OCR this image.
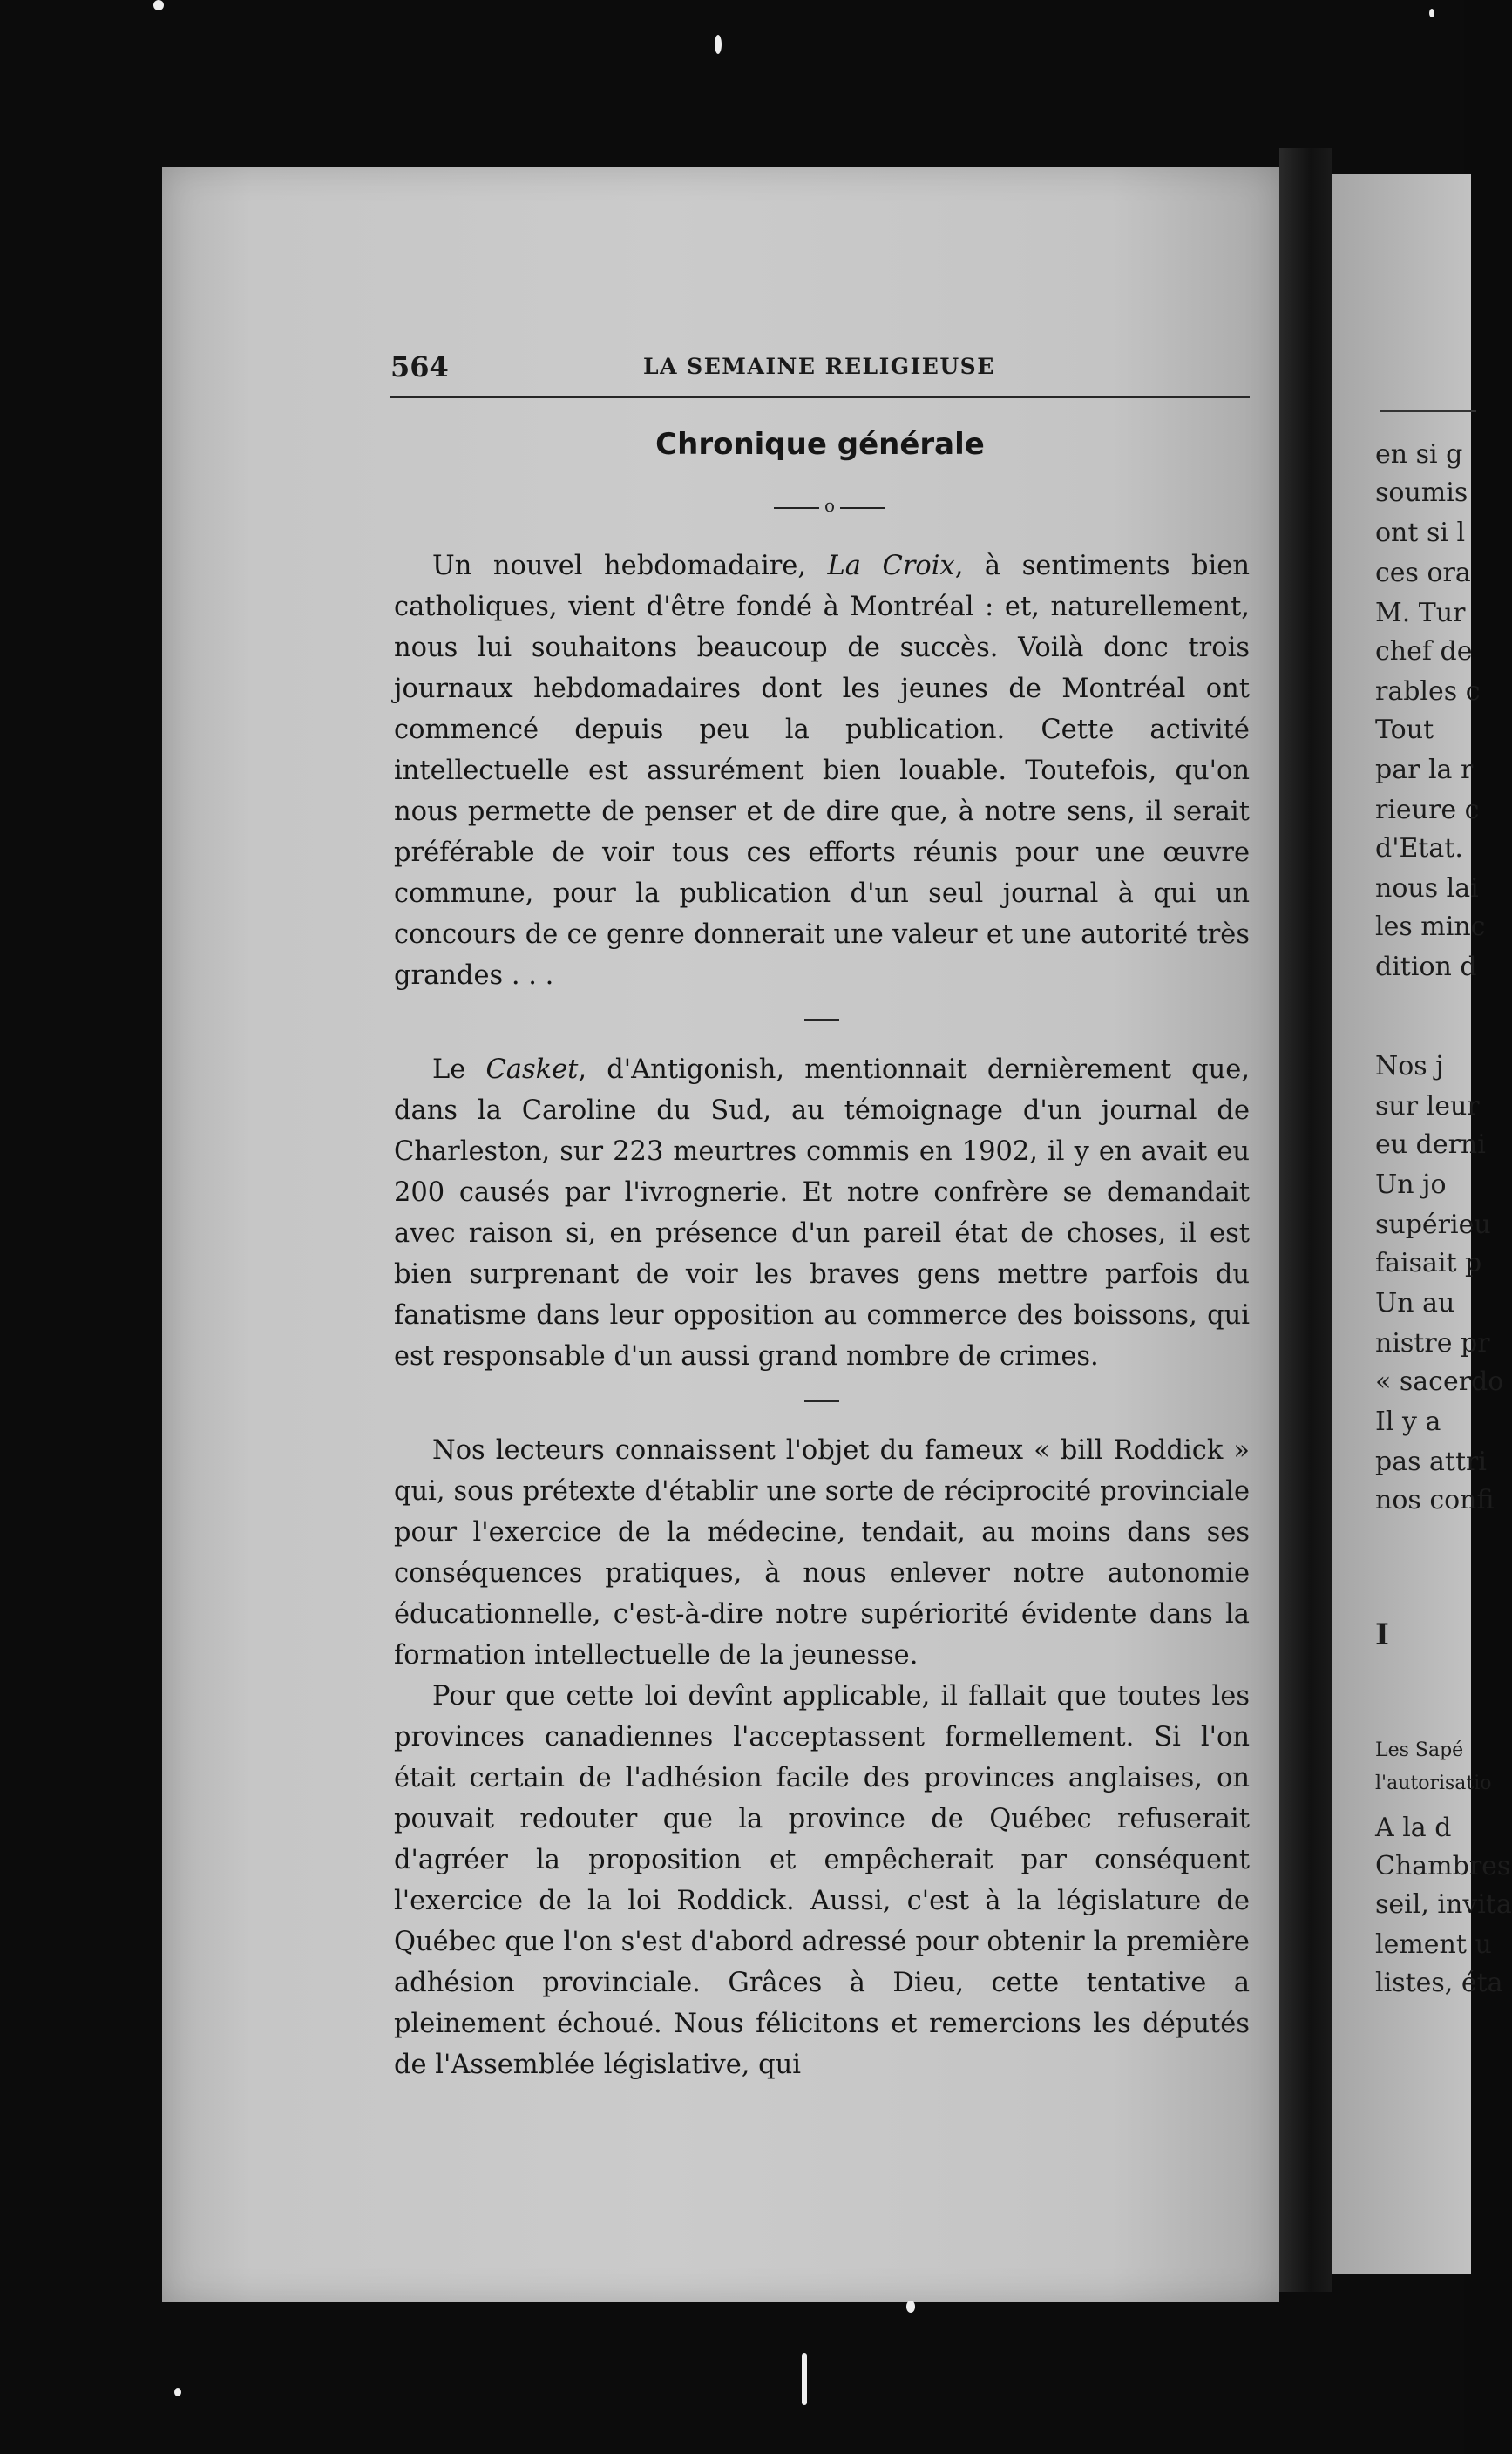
en si g
soumis
ont si l
ces ora
M. Tur
chef de
rables c
Tout
par la r
rieure c
d'Etat.
nous lai
les minc
dition d
Nos j
sur leur
eu derni
Un jo
supérieu
faisait p
Un au
nistre pr
« sacerdo
Il y a
pas attri
nos confi
I
Les Sapé
l'autorisatio
A la d
Chambres
seil, invita
lement u
listes, éta
564	LA SEMAINE RELIGIEUSE
Chronique générale
o

Un nouvel hebdomadaire, La Croix, à sentiments bien catholiques, vient d'être fondé à Montréal : et, naturellement, nous lui souhaitons beaucoup de succès. Voilà donc trois journaux hebdomadaires dont les jeunes de Montréal ont commencé depuis peu la publication. Cette activité intellectuelle est assurément bien louable. Toutefois, qu'on nous permette de penser et de dire que, à notre sens, il serait préférable de voir tous ces efforts réunis pour une œuvre commune, pour la publication d'un seul journal à qui un concours de ce genre donnerait une valeur et une autorité très grandes . . .

Le Casket, d'Antigonish, mentionnait dernièrement que, dans la Caroline du Sud, au témoignage d'un journal de Charleston, sur 223 meurtres commis en 1902, il y en avait eu 200 causés par l'ivrognerie. Et notre confrère se demandait avec raison si, en présence d'un pareil état de choses, il est bien surprenant de voir les braves gens mettre parfois du fanatisme dans leur opposition au commerce des boissons, qui est responsable d'un aussi grand nombre de crimes.

Nos lecteurs connaissent l'objet du fameux « bill Roddick » qui, sous prétexte d'établir une sorte de réciprocité provinciale pour l'exercice de la médecine, tendait, au moins dans ses conséquences pratiques, à nous enlever notre autonomie éducationnelle, c'est-à-dire notre supériorité évidente dans la formation intellectuelle de la jeunesse.

Pour que cette loi devînt applicable, il fallait que toutes les provinces canadiennes l'acceptassent formellement. Si l'on était certain de l'adhésion facile des provinces anglaises, on pouvait redouter que la province de Québec refuserait d'agréer la proposition et empêcherait par conséquent l'exercice de la loi Roddick. Aussi, c'est à la législature de Québec que l'on s'est d'abord adressé pour obtenir la première adhésion provinciale. Grâces à Dieu, cette tentative a pleinement échoué. Nous félicitons et remercions les députés de l'Assemblée législative, qui
